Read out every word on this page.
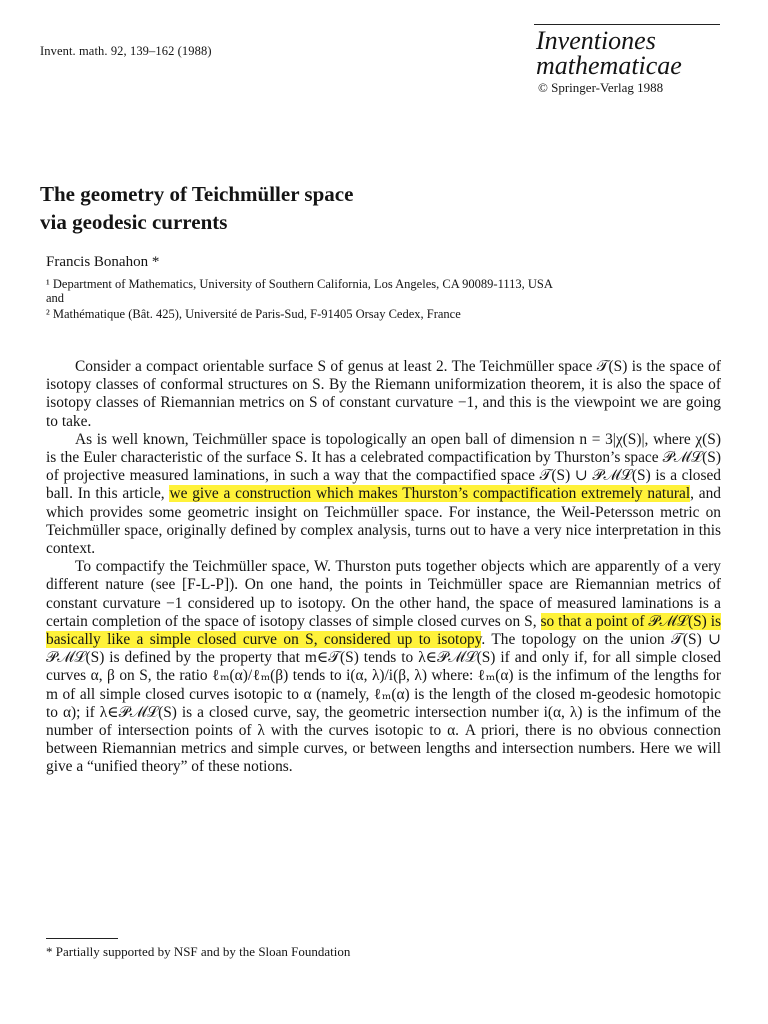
Invent. math. 92, 139–162 (1988)	Inventiones
mathematicae
© Springer-Verlag 1988
The geometry of Teichmüller space
via geodesic currents
Francis Bonahon *
¹ Department of Mathematics, University of Southern California, Los Angeles, CA 90089-1113, USA
and
² Mathématique (Bât. 425), Université de Paris-Sud, F-91405 Orsay Cedex, France

Consider a compact orientable surface S of genus at least 2. The Teichmüller space 𝒯(S) is the space of isotopy classes of conformal structures on S. By the Riemann uniformization theorem, it is also the space of isotopy classes of Riemannian metrics on S of constant curvature −1, and this is the viewpoint we are going to take.

As is well known, Teichmüller space is topologically an open ball of dimension n = 3|χ(S)|, where χ(S) is the Euler characteristic of the surface S. It has a celebrated compactification by Thurston’s space 𝒫ℳℒ(S) of projective measured laminations, in such a way that the compactified space 𝒯(S) ∪ 𝒫ℳℒ(S) is a closed ball. In this article, we give a construction which makes Thurston’s compactification extremely natural, and which provides some geometric insight on Teichmüller space. For instance, the Weil-Petersson metric on Teichmüller space, originally defined by complex analysis, turns out to have a very nice interpretation in this context.

To compactify the Teichmüller space, W. Thurston puts together objects which are apparently of a very different nature (see [F-L-P]). On one hand, the points in Teichmüller space are Riemannian metrics of constant curvature −1 considered up to isotopy. On the other hand, the space of measured laminations is a certain completion of the space of isotopy classes of simple closed curves on S, so that a point of 𝒫ℳℒ(S) is basically like a simple closed curve on S, considered up to isotopy. The topology on the union 𝒯(S) ∪ 𝒫ℳℒ(S) is defined by the property that m∈𝒯(S) tends to λ∈𝒫ℳℒ(S) if and only if, for all simple closed curves α, β on S, the ratio ℓₘ(α)/ℓₘ(β) tends to i(α, λ)/i(β, λ) where: ℓₘ(α) is the infimum of the lengths for m of all simple closed curves isotopic to α (namely, ℓₘ(α) is the length of the closed m-geodesic homotopic to α); if λ∈𝒫ℳℒ(S) is a closed curve, say, the geometric intersection number i(α, λ) is the infimum of the number of intersection points of λ with the curves isotopic to α. A priori, there is no obvious connection between Riemannian metrics and simple curves, or between lengths and intersection numbers. Here we will give a “unified theory” of these notions.

* Partially supported by NSF and by the Sloan Foundation
